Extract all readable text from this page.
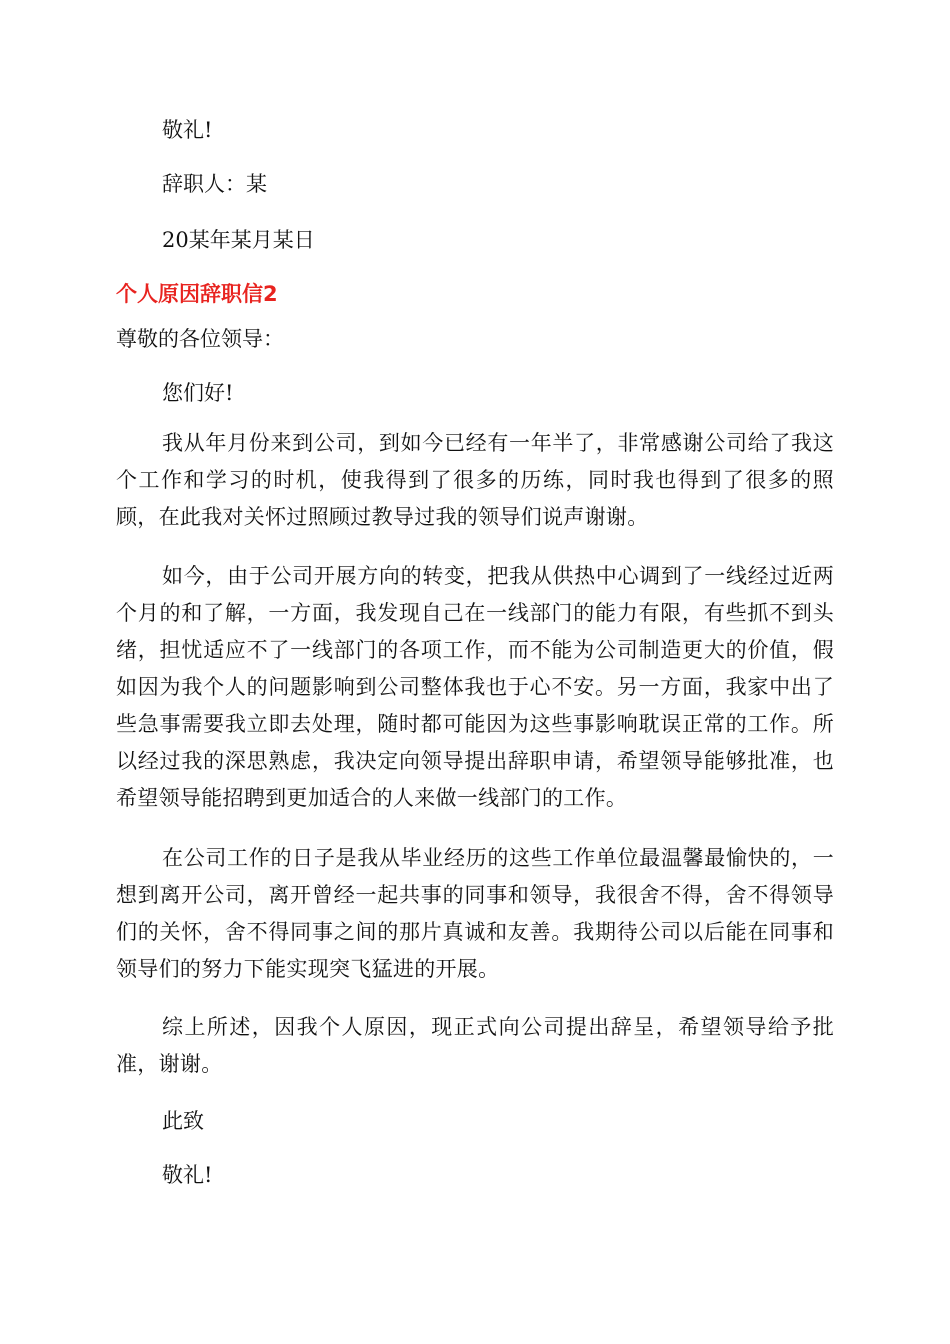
敬礼!

辞职人：某

20某年某月某日

个人原因辞职信2

尊敬的各位领导：

您们好!

我从年月份来到公司，到如今已经有一年半了，非常感谢公司给了我这个工作和学习的时机，使我得到了很多的历练，同时我也得到了很多的照顾，在此我对关怀过照顾过教导过我的领导们说声谢谢。

如今，由于公司开展方向的转变，把我从供热中心调到了一线经过近两个月的和了解，一方面，我发现自己在一线部门的能力有限，有些抓不到头绪，担忧适应不了一线部门的各项工作，而不能为公司制造更大的价值，假如因为我个人的问题影响到公司整体我也于心不安。另一方面，我家中出了些急事需要我立即去处理，随时都可能因为这些事影响耽误正常的工作。所以经过我的深思熟虑，我决定向领导提出辞职申请，希望领导能够批准，也希望领导能招聘到更加适合的人来做一线部门的工作。

在公司工作的日子是我从毕业经历的这些工作单位最温馨最愉快的，一想到离开公司，离开曾经一起共事的同事和领导，我很舍不得，舍不得领导们的关怀，舍不得同事之间的那片真诚和友善。我期待公司以后能在同事和领导们的努力下能实现突飞猛进的开展。

综上所述，因我个人原因，现正式向公司提出辞呈，希望领导给予批准，谢谢。

此致

敬礼!
